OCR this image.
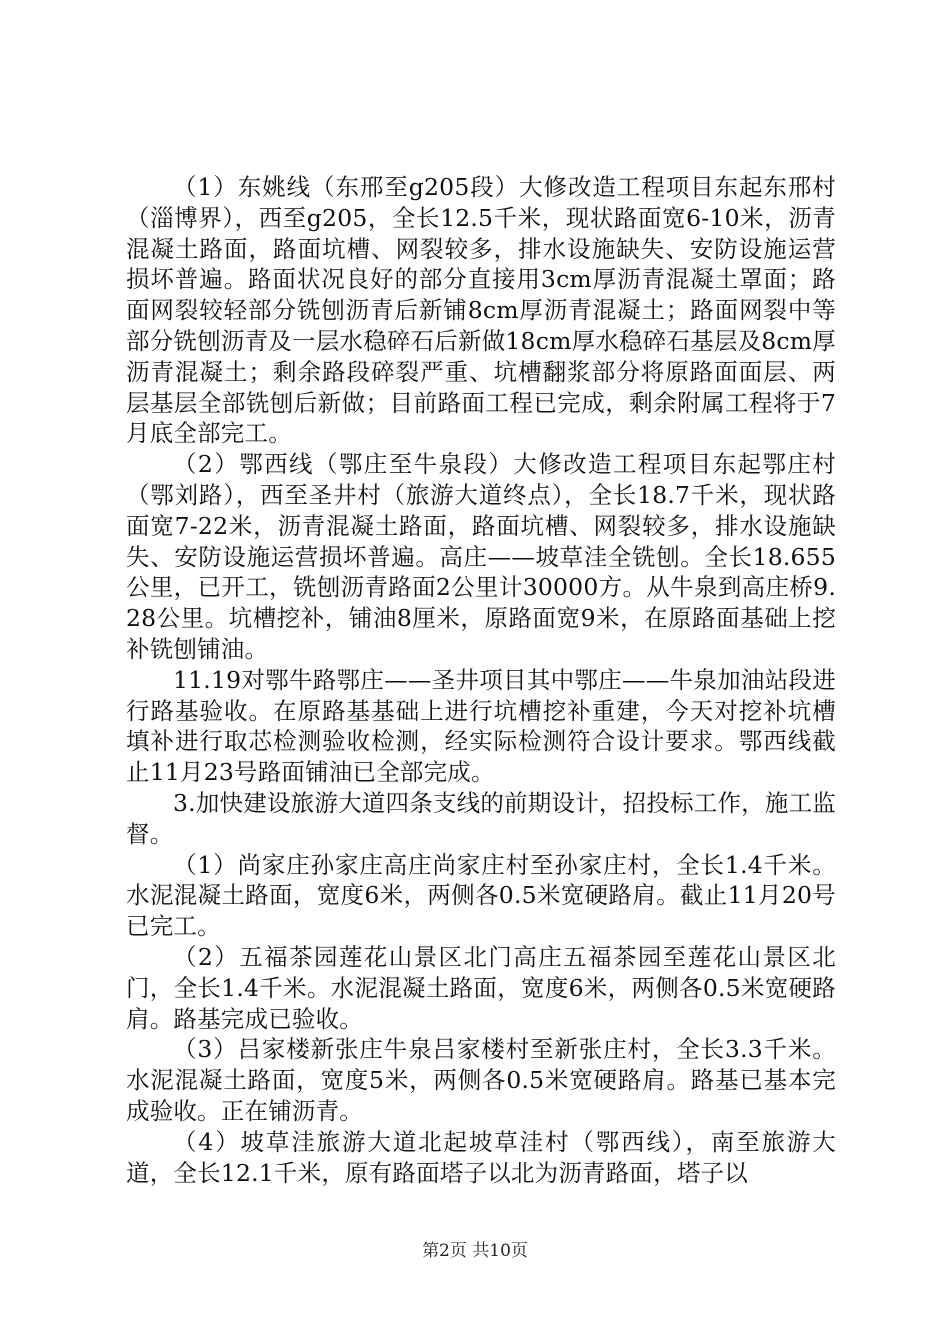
（1）东姚线（东邢至g205段）大修改造工程项目东起东邢村（淄博界），西至g205，全长12.5千米，现状路面宽6-10米，沥青混凝土路面，路面坑槽、网裂较多，排水设施缺失、安防设施运营损坏普遍。路面状况良好的部分直接用3cm厚沥青混凝土罩面；路面网裂较轻部分铣刨沥青后新铺8cm厚沥青混凝土；路面网裂中等部分铣刨沥青及一层水稳碎石后新做18cm厚水稳碎石基层及8cm厚沥青混凝土；剩余路段碎裂严重、坑槽翻浆部分将原路面面层、两层基层全部铣刨后新做；目前路面工程已完成，剩余附属工程将于7月底全部完工。

（2）鄂西线（鄂庄至牛泉段）大修改造工程项目东起鄂庄村（鄂刘路），西至圣井村（旅游大道终点），全长18.7千米，现状路面宽7-22米，沥青混凝土路面，路面坑槽、网裂较多，排水设施缺失、安防设施运营损坏普遍。高庄——坡草洼全铣刨。全长18.655公里，已开工，铣刨沥青路面2公里计30000方。从牛泉到高庄桥9.28公里。坑槽挖补，铺油8厘米，原路面宽9米，在原路面基础上挖补铣刨铺油。

11.19对鄂牛路鄂庄——圣井项目其中鄂庄——牛泉加油站段进行路基验收。在原路基基础上进行坑槽挖补重建，今天对挖补坑槽填补进行取芯检测验收检测，经实际检测符合设计要求。鄂西线截止11月23号路面铺油已全部完成。

3.加快建设旅游大道四条支线的前期设计，招投标工作，施工监督。

（1）尚家庄孙家庄高庄尚家庄村至孙家庄村，全长1.4千米。水泥混凝土路面，宽度6米，两侧各0.5米宽硬路肩。截止11月20号已完工。

（2）五福茶园莲花山景区北门高庄五福茶园至莲花山景区北门，全长1.4千米。水泥混凝土路面，宽度6米，两侧各0.5米宽硬路肩。路基完成已验收。

（3）吕家楼新张庄牛泉吕家楼村至新张庄村，全长3.3千米。水泥混凝土路面，宽度5米，两侧各0.5米宽硬路肩。路基已基本完成验收。正在铺沥青。

（4）坡草洼旅游大道北起坡草洼村（鄂西线），南至旅游大道，全长12.1千米，原有路面塔子以北为沥青路面，塔子以

第2页 共10页
